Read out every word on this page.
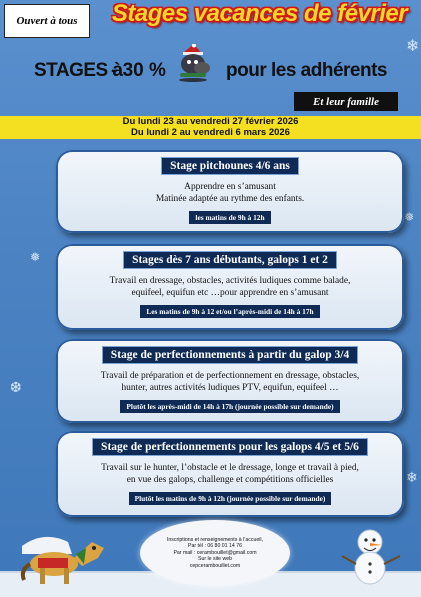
❄
❅
❆
❅
❄
Ouvert à tous	Stages vacances de février
STAGES à
- 30 %	pour les adhérents
Et leur famille
Du lundi 23 au vendredi 27 février 2026
Du lundi 2 au vendredi 6 mars 2026
Stage pitchounes 4/6 ans
Apprendre en s’amusant
Matinée adaptée au rythme des enfants.
les matins de 9h à 12h
Stages dès 7 ans débutants, galops 1 et 2
Travail en dressage, obstacles, activités ludiques comme balade,
equifeel, equifun etc …pour apprendre en s’amusant
Les matins de 9h à 12 et/ou l’après-midi de 14h à 17h
Stage de perfectionnements à partir du galop 3/4
Travail de préparation et de perfectionnement en dressage, obstacles,
hunter, autres activités ludiques PTV, equifun, equifeel …
Plutôt les après-midi de 14h à 17h (journée possible sur demande)
Stage de perfectionnements pour les galops 4/5 et 5/6
Travail sur le hunter, l’obstacle et le dressage, longe et travail à pied,
en vue des galops, challenge et compétitions officielles
Plutôt les matins de 9h à 12h (journée possible sur demande)
Inscriptions et renseignements à l’accueil,
Par tél : 06 80 01 14 76
Par mail : cerambouillet@gmail.com
Sur le site web
cepcerambouillet.com
